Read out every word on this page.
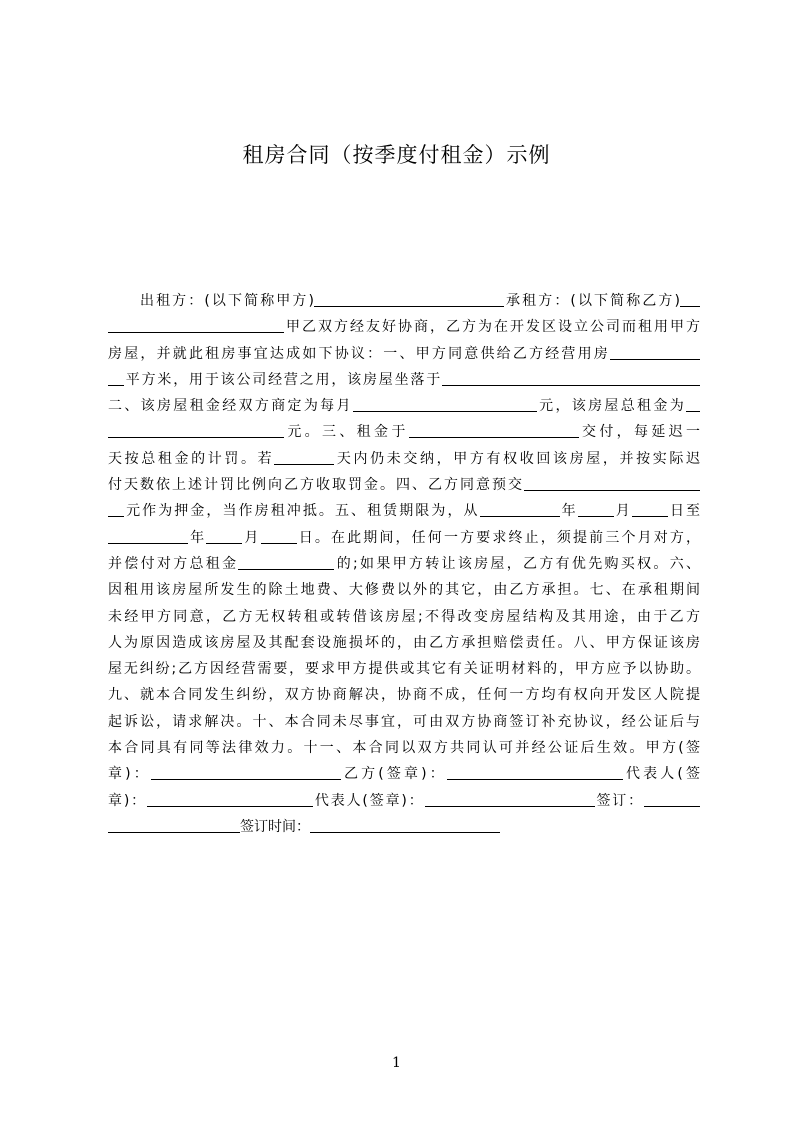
租房合同（按季度付租金）示例
出租方：(以下简称甲方)	承租方：(以下简称乙方)
甲乙双方经友好协商，乙方为在开发区设立公司而租用甲方
房屋，并就此租房事宜达成如下协议：一、甲方同意供给乙方经营用房
平方米，用于该公司经营之用，该房屋坐落于
二、该房屋租金经双方商定为每月	元，该房屋总租金为
元。三、租金于	交付，每延迟一
天按总租金的计罚。若	天内仍未交纳，甲方有权收回该房屋，并按实际迟
付天数依上述计罚比例向乙方收取罚金。四、乙方同意预交
元作为押金，当作房租冲抵。五、租赁期限为，从	年	月	日至
年	月	日。在此期间，任何一方要求终止，须提前三个月对方，
并偿付对方总租金	的;如果甲方转让该房屋，乙方有优先购买权。六、
因租用该房屋所发生的除土地费、大修费以外的其它，由乙方承担。七、在承租期间
未经甲方同意，乙方无权转租或转借该房屋;不得改变房屋结构及其用途，由于乙方
人为原因造成该房屋及其配套设施损坏的，由乙方承担赔偿责任。八、甲方保证该房
屋无纠纷;乙方因经营需要，要求甲方提供或其它有关证明材料的，甲方应予以协助。
九、就本合同发生纠纷，双方协商解决，协商不成，任何一方均有权向开发区人院提
起诉讼，请求解决。十、本合同未尽事宜，可由双方协商签订补充协议，经公证后与
本合同具有同等法律效力。十一、本合同以双方共同认可并经公证后生效。甲方(签
章)：	乙方(签章)：	代表人(签
章)：	代表人(签章)：	签订：
签订时间：
1
